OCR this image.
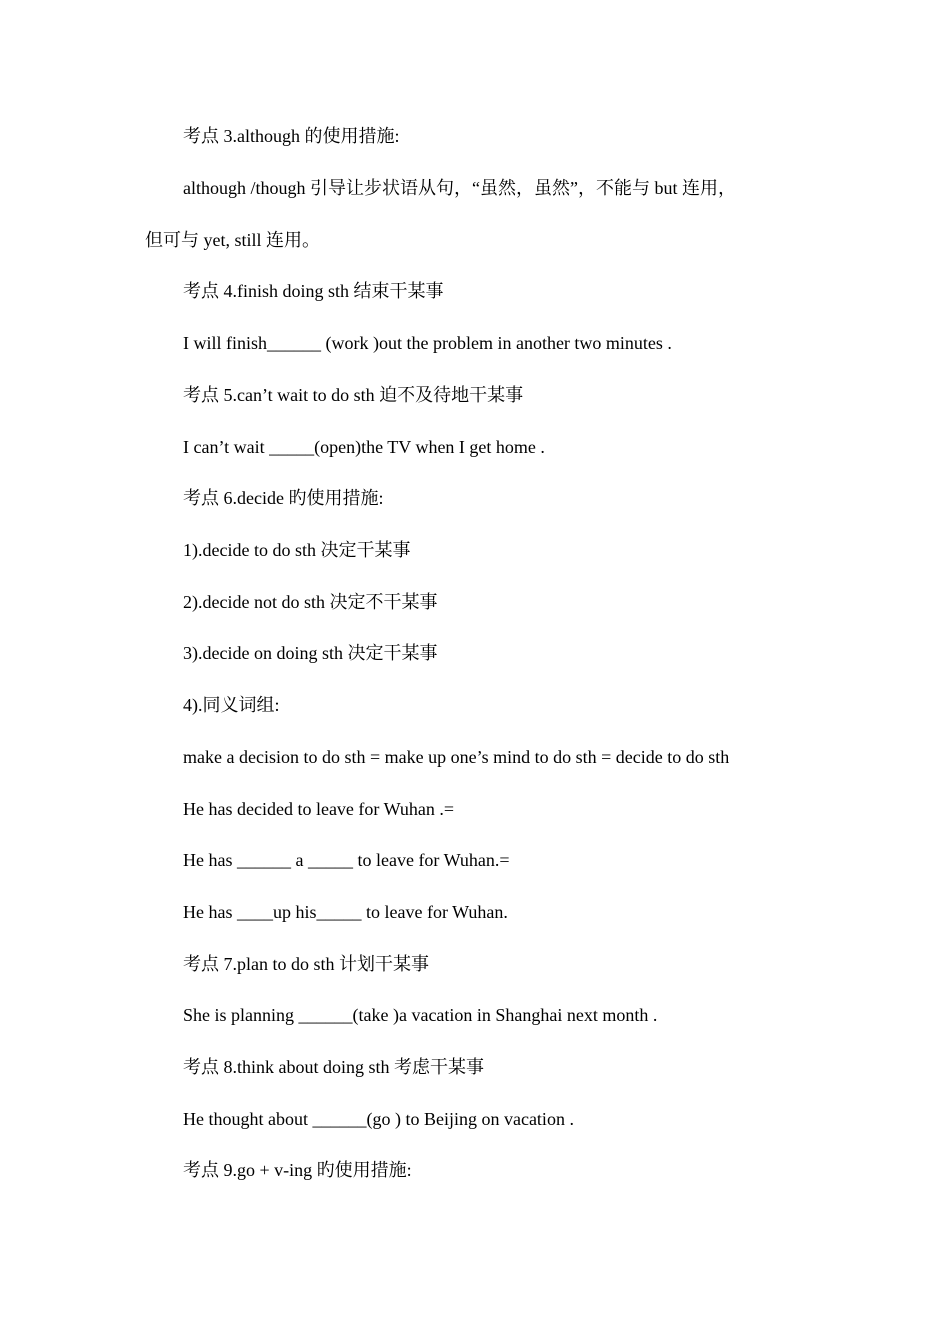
考点 3.although 的使用措施:
although /though 引导让步状语从句，“虽然，虽然”，不能与 but 连用，
但可与 yet, still 连用。
考点 4.finish doing sth 结束干某事
I will finish______ (work )out the problem in another two minutes .
考点 5.can’t wait to do sth 迫不及待地干某事
I can’t wait _____(open)the TV when I get home .
考点 6.decide 旳使用措施:
1).decide to do sth 决定干某事
2).decide not do sth 决定不干某事
3).decide on doing sth 决定干某事
4).同义词组:
make a decision to do sth = make up one’s mind to do sth = decide to do sth
He has decided to leave for Wuhan .=
He has ______ a _____ to leave for Wuhan.=
He has ____up his_____ to leave for Wuhan.
考点 7.plan to do sth 计划干某事
She is planning ______(take )a vacation in Shanghai next month .
考点 8.think about doing sth 考虑干某事
He thought about ______(go ) to Beijing on vacation .
考点 9.go + v-ing 旳使用措施:
